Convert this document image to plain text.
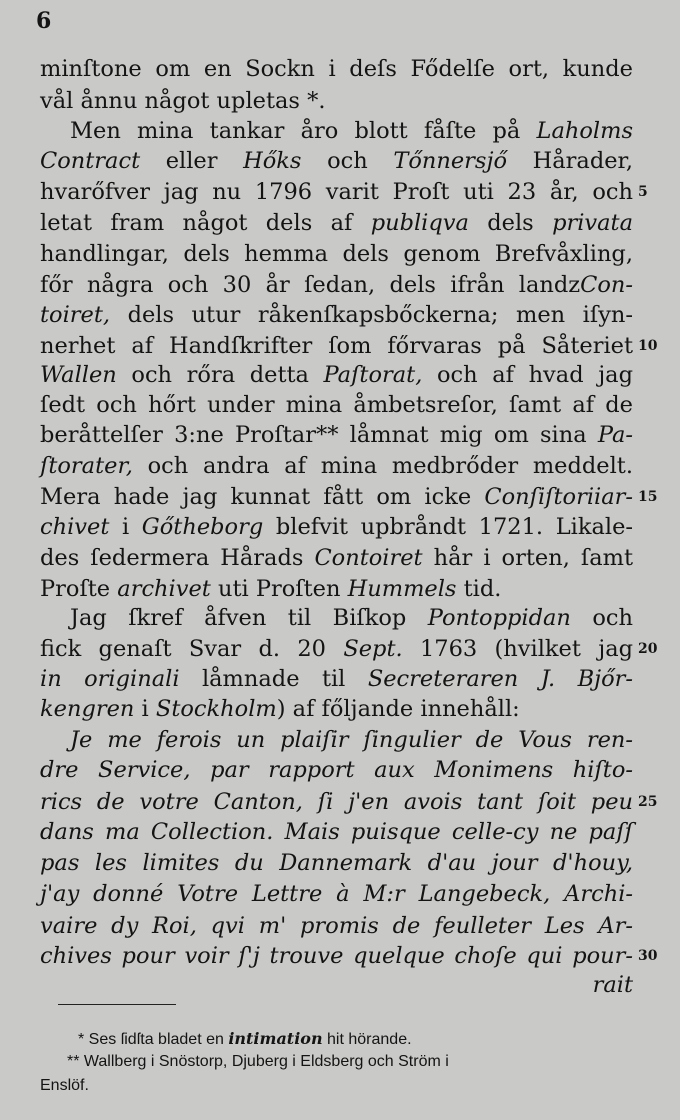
6
minſtone om en Sockn i deſs Fődelſe ort, kunde
vål ånnu något upletas *.
Men mina tankar åro blott fåſte på Laholms
Contract eller Hőks och Tőnnersjő Hårader,
hvarőfver jag nu 1796 varit Proſt uti 23 år, och
letat fram något dels af publiqva dels privata
handlingar, dels hemma dels genom Brefvåxling,
főr några och 30 år ſedan, dels ifrån landzCon-
toiret, dels utur råkenſkapsbőckerna; men iſyn-
nerhet af Handſkrifter ſom főrvaras på Såteriet
Wallen och rőra detta Paſtorat, och af hvad jag
ſedt och hőrt under mina åmbetsreſor, ſamt af de
beråttelſer 3:ne Proſtar** låmnat mig om sina Pa-
ſtorater, och andra af mina medbrőder meddelt.
Mera hade jag kunnat fått om icke Conſiſtoriiar-
chivet i Gőtheborg blefvit upbråndt 1721. Likale-
des ſedermera Hårads Contoiret hår i orten, ſamt
Proſte archivet uti Proſten Hummels tid.
Jag ſkref åfven til Biſkop Pontoppidan och
fick genaſt Svar d. 20 Sept. 1763 (hvilket jag
in originali låmnade til Secreteraren J. Bjőr-
kengren i Stockholm) af főljande innehåll:
Je me ferois un plaiſir ſingulier de Vous ren-
dre Service, par rapport aux Monimens hiſto-
rics de votre Canton, ſi j'en avois tant ſoit peu
dans ma Collection. Mais puisque celle-cy ne paſſ
pas les limites du Dannemark d'au jour d'houy,
j'ay donné Votre Lettre à M:r Langebeck, Archi-
vaire dy Roi, qvi m' promis de feulleter Les Ar-
chives pour voir ſ'j trouve quelque choſe qui pour-
rait
5
10
15
20
25
30
* Ses ſidſta bladet en intimation hit hörande.
** Wallberg i Snöstorp, Djuberg i Eldsberg och Ström i
Enslöf.
